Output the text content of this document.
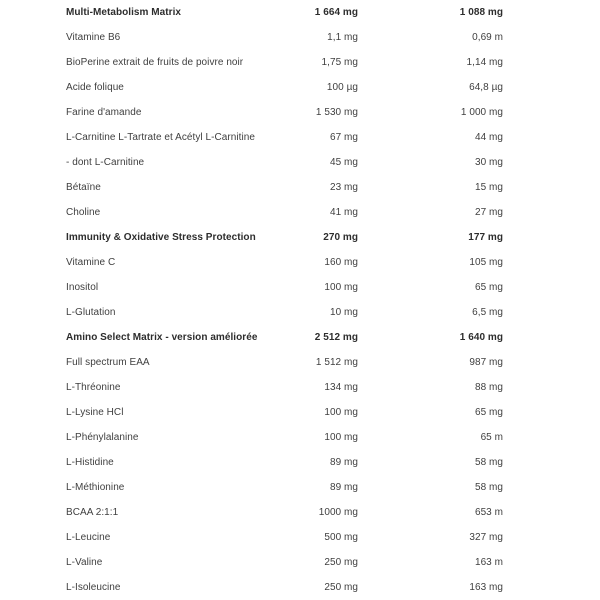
Multi-Metabolism Matrix	1 664 mg	1 088 mg
Vitamine B6	1,1 mg	0,69 m
BioPerine extrait de fruits de poivre noir	1,75 mg	1,14 mg
Acide folique	100 µg	64,8 µg
Farine d'amande	1 530 mg	1 000 mg
L-Carnitine L-Tartrate et Acétyl L-Carnitine	67 mg	44 mg
- dont L-Carnitine	45 mg	30 mg
Bétaïne	23 mg	15 mg
Choline	41 mg	27 mg
Immunity & Oxidative Stress Protection	270 mg	177 mg
Vitamine C	160 mg	105 mg
Inositol	100 mg	65 mg
L-Glutation	10 mg	6,5 mg
Amino Select Matrix - version améliorée	2 512 mg	1 640 mg
Full spectrum EAA	1 512 mg	987 mg
L-Thréonine	134 mg	88 mg
L-Lysine HCl	100 mg	65 mg
L-Phénylalanine	100 mg	65 m
L-Histidine	89 mg	58 mg
L-Méthionine	89 mg	58 mg
BCAA 2:1:1	1000 mg	653 m
L-Leucine	500 mg	327 mg
L-Valine	250 mg	163 m
L-Isoleucine	250 mg	163 mg
